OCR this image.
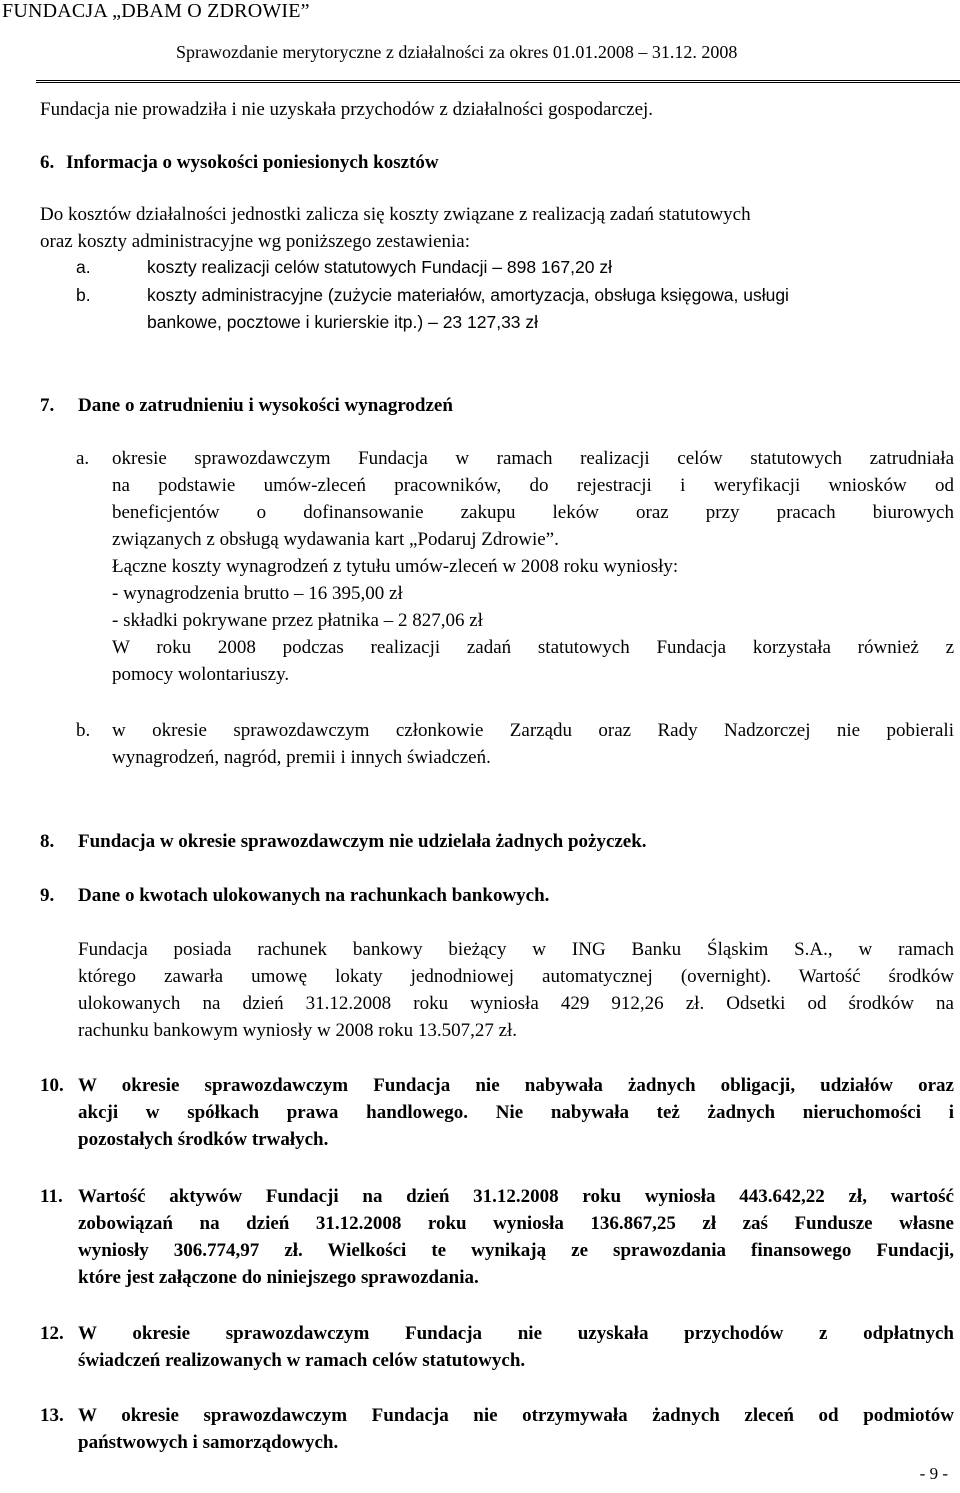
FUNDACJA „DBAM O ZDROWIE”
Sprawozdanie merytoryczne z działalności za okres 01.01.2008 – 31.12. 2008
Fundacja nie prowadziła i nie uzyskała przychodów z działalności gospodarczej.
6. Informacja o wysokości poniesionych kosztów
Do kosztów działalności jednostki zalicza się koszty związane z realizacją zadań statutowych
oraz koszty administracyjne wg poniższego zestawienia:
a.	koszty realizacji celów statutowych Fundacji – 898 167,20 zł
b.	koszty administracyjne (zużycie materiałów, amortyzacja, obsługa księgowa, usługi
bankowe, pocztowe i kurierskie itp.) – 23 127,33 zł
7. Dane o zatrudnieniu i wysokości wynagrodzeń
a. okresie sprawozdawczym Fundacja w ramach realizacji celów statutowych zatrudniała
na podstawie umów-zleceń pracowników, do rejestracji i weryfikacji wniosków od
beneficjentów o dofinansowanie zakupu leków oraz przy pracach biurowych
związanych z obsługą wydawania kart „Podaruj Zdrowie”.
Łączne koszty wynagrodzeń z tytułu umów-zleceń w 2008 roku wyniosły:
- wynagrodzenia brutto – 16 395,00 zł
- składki pokrywane przez płatnika – 2 827,06 zł
W roku 2008 podczas realizacji zadań statutowych Fundacja korzystała również z
pomocy wolontariuszy.
b. w okresie sprawozdawczym członkowie Zarządu oraz Rady Nadzorczej nie pobierali
wynagrodzeń, nagród, premii i innych świadczeń.
8. Fundacja w okresie sprawozdawczym nie udzielała żadnych pożyczek.
9. Dane o kwotach ulokowanych na rachunkach bankowych.
Fundacja posiada rachunek bankowy bieżący w ING Banku Śląskim S.A., w ramach
którego zawarła umowę lokaty jednodniowej automatycznej (overnight). Wartość środków
ulokowanych na dzień 31.12.2008 roku wyniosła 429 912,26 zł. Odsetki od środków na
rachunku bankowym wyniosły w 2008 roku 13.507,27 zł.
10. W okresie sprawozdawczym Fundacja nie nabywała żadnych obligacji, udziałów oraz
akcji w spółkach prawa handlowego. Nie nabywała też żadnych nieruchomości i
pozostałych środków trwałych.
11. Wartość aktywów Fundacji na dzień 31.12.2008 roku wyniosła 443.642,22 zł, wartość
zobowiązań na dzień 31.12.2008 roku wyniosła 136.867,25 zł zaś Fundusze własne
wyniosły 306.774,97 zł. Wielkości te wynikają ze sprawozdania finansowego Fundacji,
które jest załączone do niniejszego sprawozdania.
12. W okresie sprawozdawczym Fundacja nie uzyskała przychodów z odpłatnych
świadczeń realizowanych w ramach celów statutowych.
13. W okresie sprawozdawczym Fundacja nie otrzymywała żadnych zleceń od podmiotów
państwowych i samorządowych.
- 9 -
